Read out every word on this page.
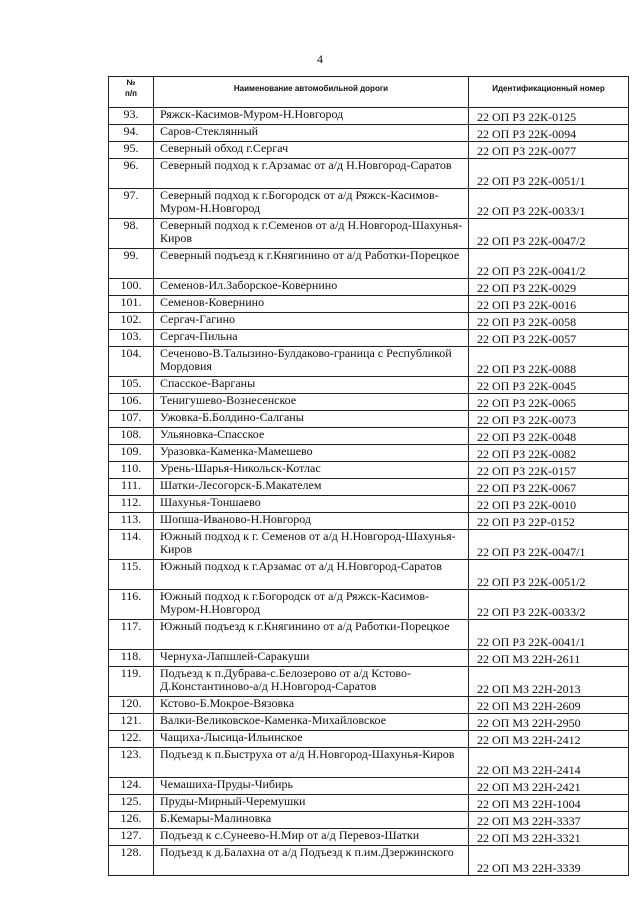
4
№
п/п	Наименование автомобильной дороги	Идентификационный номер
93.	Ряжск-Касимов-Муром-Н.Новгород	22 ОП РЗ 22К-0125
94.	Саров-Стеклянный	22 ОП РЗ 22К-0094
95.	Северный обход г.Сергач	22 ОП РЗ 22К-0077
96.	Северный подход к г.Арзамас от а/д Н.Новгород-Саратов	22 ОП РЗ 22К-0051/1
97.	Северный подход к г.Богородск от а/д Ряжск-Касимов-Муром-Н.Новгород	22 ОП РЗ 22К-0033/1
98.	Северный подход к г.Семенов от а/д Н.Новгород-Шахунья-Киров	22 ОП РЗ 22К-0047/2
99.	Северный подъезд к г.Княгинино от а/д Работки-Порецкое	22 ОП РЗ 22К-0041/2
100.	Семенов-Ил.Заборское-Ковернино	22 ОП РЗ 22К-0029
101.	Семенов-Ковернино	22 ОП РЗ 22К-0016
102.	Сергач-Гагино	22 ОП РЗ 22К-0058
103.	Сергач-Пильна	22 ОП РЗ 22К-0057
104.	Сеченово-В.Талызино-Булдаково-граница с Республикой Мордовия	22 ОП РЗ 22К-0088
105.	Спасское-Варганы	22 ОП РЗ 22К-0045
106.	Тенигушево-Вознесенское	22 ОП РЗ 22К-0065
107.	Ужовка-Б.Болдино-Салганы	22 ОП РЗ 22К-0073
108.	Ульяновка-Спасское	22 ОП РЗ 22К-0048
109.	Уразовка-Каменка-Мамешево	22 ОП РЗ 22К-0082
110.	Урень-Шарья-Никольск-Котлас	22 ОП РЗ 22К-0157
111.	Шатки-Лесогорск-Б.Макателем	22 ОП РЗ 22К-0067
112.	Шахунья-Тоншаево	22 ОП РЗ 22К-0010
113.	Шопша-Иваново-Н.Новгород	22 ОП РЗ 22Р-0152
114.	Южный подход к г. Семенов от а/д Н.Новгород-Шахунья-Киров	22 ОП РЗ 22К-0047/1
115.	Южный подход к г.Арзамас от а/д Н.Новгород-Саратов	22 ОП РЗ 22К-0051/2
116.	Южный подход к г.Богородск от а/д Ряжск-Касимов-Муром-Н.Новгород	22 ОП РЗ 22К-0033/2
117.	Южный подъезд к г.Княгинино от а/д Работки-Порецкое	22 ОП РЗ 22К-0041/1
118.	Чернуха-Лапшлей-Саракуши	22 ОП МЗ 22Н-2611
119.	Подъезд к п.Дубрава-с.Белозерово от а/д Кстово-Д.Константиново-а/д Н.Новгород-Саратов	22 ОП МЗ 22Н-2013
120.	Кстово-Б.Мокрое-Вязовка	22 ОП МЗ 22Н-2609
121.	Валки-Великовское-Каменка-Михайловское	22 ОП МЗ 22Н-2950
122.	Чащиха-Лысица-Ильинское	22 ОП МЗ 22Н-2412
123.	Подъезд к п.Быструха от а/д Н.Новгород-Шахунья-Киров	22 ОП МЗ 22Н-2414
124.	Чемашиха-Пруды-Чибирь	22 ОП МЗ 22Н-2421
125.	Пруды-Мирный-Черемушки	22 ОП МЗ 22Н-1004
126.	Б.Кемары-Малиновка	22 ОП МЗ 22Н-3337
127.	Подъезд к с.Сунеево-Н.Мир от а/д Перевоз-Шатки	22 ОП МЗ 22Н-3321
128.	Подъезд к д.Балахна от а/д Подъезд к п.им.Дзержинского	22 ОП МЗ 22Н-3339
